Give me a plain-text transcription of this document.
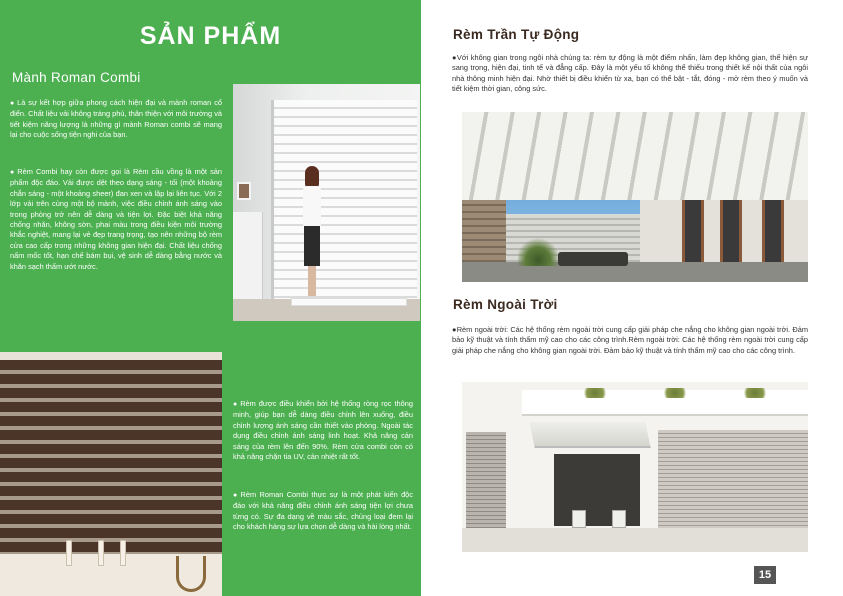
SẢN PHẨM
Mành Roman Combi
● Là sự kết hợp giữa phong cách hiện đại và mành roman cổ điển. Chất liệu vải không tráng phủ, thân thiện với môi trường và tiết kiệm năng lượng là những gì mành Roman combi sẽ mang lại cho cuộc sống tiện nghi của bạn.
● Rèm Combi hay còn được gọi là Rèm cầu vồng là một sản phẩm độc đáo. Vải được dệt theo dạng sáng - tối (một khoảng chắn sáng - một khoảng sheer) đan xen và lặp lại liên tục. Với 2 lớp vải trên cùng một bộ mành, việc điều chỉnh ánh sáng vào trong phòng trở nên dễ dàng và tiện lợi. Đặc biệt khả năng chống nhăn, không sờn, phai màu trong điều kiện môi trường khắc nghiệt, mang lại vẻ đẹp trang trọng, tạo nên những bộ rèm cửa cao cấp trong những không gian hiện đại. Chất liệu chống nấm mốc tốt, hạn chế bám bụi, vệ sinh dễ dàng bằng nước và khăn sạch thấm ướt nước.
● Rèm được điều khiển bởi hệ thống ròng rọc thông minh, giúp bạn dễ dàng điều chỉnh lên xuống, điều chỉnh lượng ánh sáng cần thiết vào phòng. Ngoài tác dụng điều chỉnh ánh sáng linh hoạt. Khả năng cản sáng của rèm lên đến 90%. Rèm cửa combi còn có khả năng chặn tia UV, cản nhiệt rất tốt.
● Rèm Roman Combi thực sự là một phát kiến độc đáo với khả năng điều chỉnh ánh sáng tiện lợi chưa từng có. Sự đa dạng về màu sắc, chủng loại đem lại cho khách hàng sự lựa chọn dễ dàng và hài lòng nhất.
Rèm Trần Tự Động
●Với không gian trong ngôi nhà chúng ta: rèm tự động là một điểm nhấn, làm đẹp không gian, thể hiện sự sang trọng, hiện đại, tinh tế và đẳng cấp. Đây là một yếu tố không thể thiếu trong thiết kế nội thất của ngôi nhà thông minh hiện đại. Nhờ thiết bị điều khiển từ xa, bạn có thể bật - tắt, đóng - mở rèm theo ý muốn và tiết kiệm thời gian, công sức.
Rèm Ngoài Trời
●Rèm ngoài trời: Các hệ thống rèm ngoài trời cung cấp giải pháp che nắng cho không gian ngoài trời. Đảm bảo kỹ thuật và tính thẩm mỹ cao cho các công trình.Rèm ngoài trời: Các hệ thống rèm ngoài trời cung cấp giải pháp che nắng cho không gian ngoài trời. Đảm bảo kỹ thuật và tính thẩm mỹ cao cho các công trình.
15
